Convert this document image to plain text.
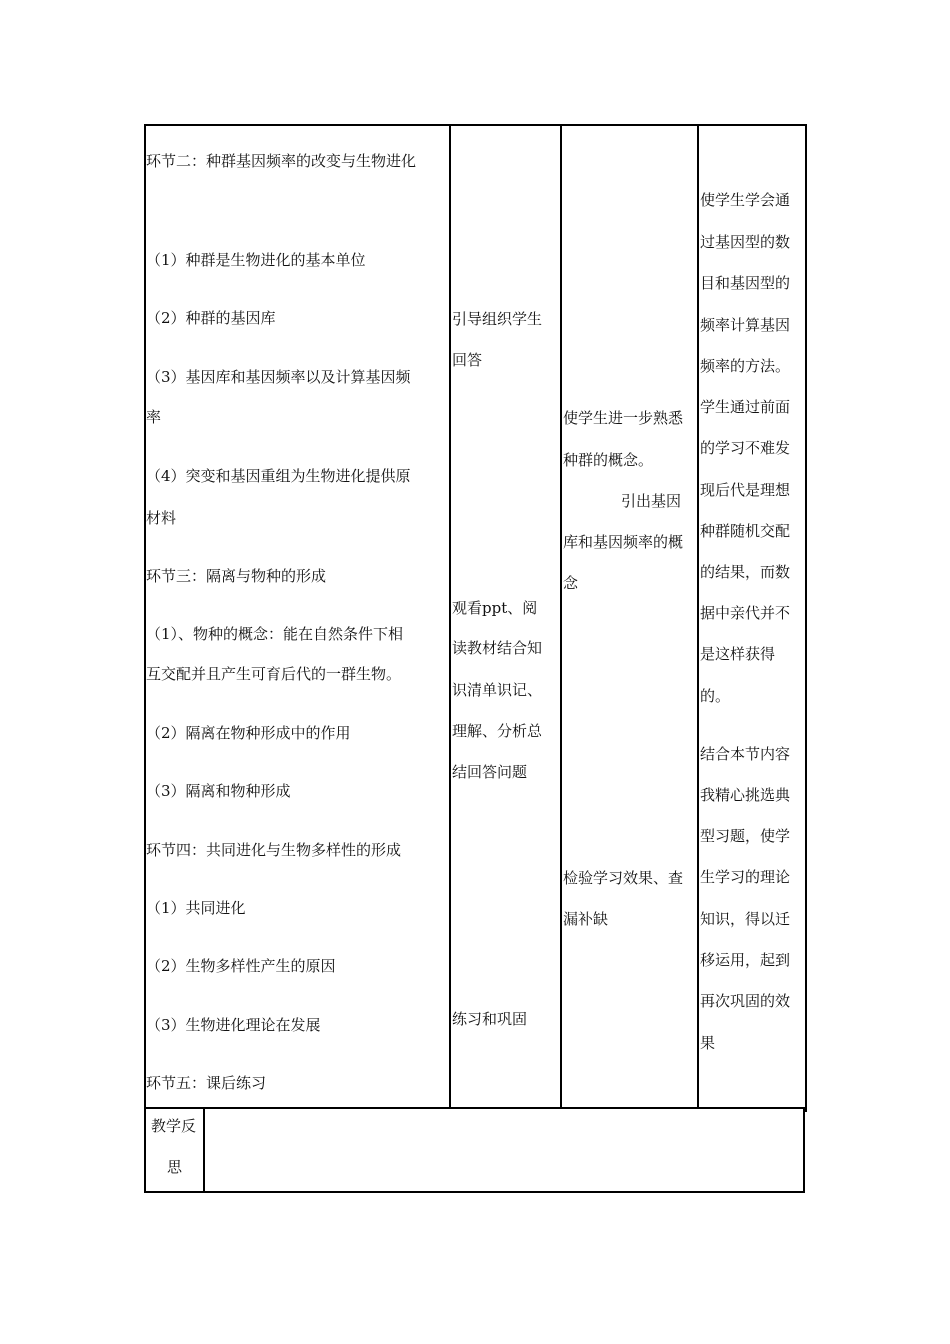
环节二：种群基因频率的改变与生物进化
（1）种群是生物进化的基本单位
（2）种群的基因库
（3）基因库和基因频率以及计算基因频
率
（4）突变和基因重组为生物进化提供原
材料
环节三：隔离与物种的形成
（1）、物种的概念：能在自然条件下相
互交配并且产生可育后代的一群生物。
（2）隔离在物种形成中的作用
（3）隔离和物种形成
环节四：共同进化与生物多样性的形成
（1）共同进化
（2）生物多样性产生的原因
（3）生物进化理论在发展
环节五：课后练习
引导组织学生
回答
观看ppt、阅
读教材结合知
识清单识记、
理解、分析总
结回答问题
练习和巩固
使学生进一步熟悉
种群的概念。
引出基因
库和基因频率的概
念
检验学习效果、查
漏补缺
使学生学会通
过基因型的数
目和基因型的
频率计算基因
频率的方法。
学生通过前面
的学习不难发
现后代是理想
种群随机交配
的结果，而数
据中亲代并不
是这样获得
的。
结合本节内容
我精心挑选典
型习题，使学
生学习的理论
知识，得以迁
移运用，起到
再次巩固的效
果
教学反
思
